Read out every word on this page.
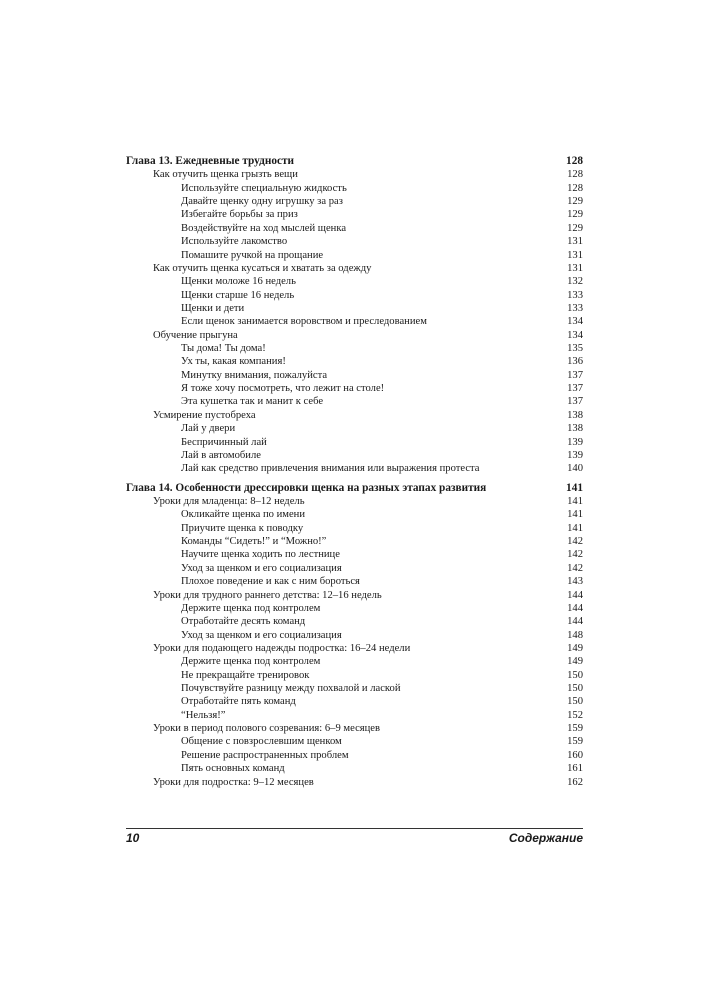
Глава 13. Ежедневные трудности	128
Как отучить щенка грызть вещи	128
Используйте специальную жидкость	128
Давайте щенку одну игрушку за раз	129
Избегайте борьбы за приз	129
Воздействуйте на ход мыслей щенка	129
Используйте лакомство	131
Помашите ручкой на прощание	131
Как отучить щенка кусаться и хватать за одежду	131
Щенки моложе 16 недель	132
Щенки старше 16 недель	133
Щенки и дети	133
Если щенок занимается воровством и преследованием	134
Обучение прыгуна	134
Ты дома! Ты дома!	135
Ух ты, какая компания!	136
Минутку внимания, пожалуйста	137
Я тоже хочу посмотреть, что лежит на столе!	137
Эта кушетка так и манит к себе	137
Усмирение пустобреха	138
Лай у двери	138
Беспричинный лай	139
Лай в автомобиле	139
Лай как средство привлечения внимания или выражения протеста	140
Глава 14. Особенности дрессировки щенка на разных этапах развития	141
Уроки для младенца: 8–12 недель	141
Окликайте щенка по имени	141
Приучите щенка к поводку	141
Команды “Сидеть!” и “Можно!”	142
Научите щенка ходить по лестнице	142
Уход за щенком и его социализация	142
Плохое поведение и как с ним бороться	143
Уроки для трудного раннего детства: 12–16 недель	144
Держите щенка под контролем	144
Отработайте десять команд	144
Уход за щенком и его социализация	148
Уроки для подающего надежды подростка: 16–24 недели	149
Держите щенка под контролем	149
Не прекращайте тренировок	150
Почувствуйте разницу между похвалой и лаской	150
Отработайте пять команд	150
“Нельзя!”	152
Уроки в период полового созревания: 6–9 месяцев	159
Общение с повзрослевшим щенком	159
Решение распространенных проблем	160
Пять основных команд	161
Уроки для подростка: 9–12 месяцев	162
10	Содержание
